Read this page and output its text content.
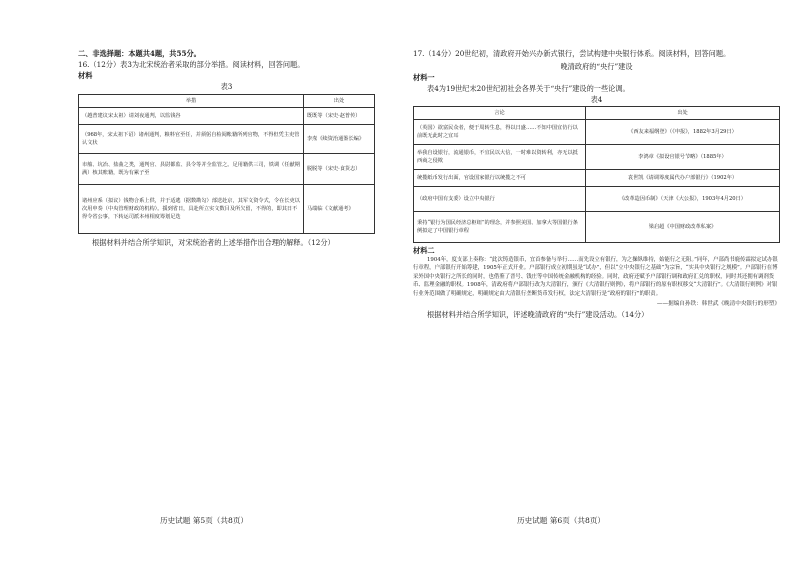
二、非选择题：本题共4题，共55分。

16.（12分）表3为北宋统治者采取的部分举措。阅读材料，回答问题。

材料

表3

举措	出处
（越普建议宋太祖）请刘夜通判，以监钱谷	既既等（宋史·赵普传）
（968年，宋太祖下诏）诸州通判，粮料官至任，并须躬自检阅帐籍所列官物，不得但凭主吏管认文状	李焘《续资治通鉴长编》
市舶、坑冶、盐曲之类，通判官、县尉都监、县令等并全监管之。足用籍供三司，铁调（任献期满）核其账籍，既为有累子至	脱脱等（宋史·食货志）
诸州应系（拟议）钱物合系上供，并于适逃（据数勘勾）部送赴京，其军文资令式，令在长吏以次用申奏（中央管理财政的机构）。援到省日，具赴所立实文数目及所欠留，不得的，即其日不得令省公事，下转运司派本州相度筹划足迭	马端临《文献通考》

根据材料并结合所学知识，对宋统治者的上述举措作出合理的解释。（12分）

历史试题 第5页（共8页）

17.（14分）20世纪初，清政府开始兴办新式银行，尝试构建中央银行体系。阅读材料，回答问题。

晚清政府的“央行”建设

材料一

表4为19世纪末20世纪初社会各界关于“央行”建设的一些论调。

表4

言论	出处
（英国）欲富民众者，便于周转生息，得以日盛……不知中国宜仿行以前既无此时之宜耳	《西友来福纲登》（《申报》，1882年3月29日）
举我自设银行，流通银币，不宜民以大信，一时难以资转利，亦无以抵西商之侵欺	李鸿章《拟设官银号节略》（1885年）
统揽纸币发行出面，官设国家银行以统揽之不可	袁世凯《请调筹度属代办户部银行》（1902年）
（政府中国有支委）设立中央银行	《改革造因币制》（天津《大公报》，1903年4月20日）
秉持“银行为国民经济总枢纽”的理念，并参照美国、加拿大等国银行条例拟定了中国银行章程	梁启超《中国财政改革私案》

材料二

1904年，度支部上奏称：“此次铸造银币，宜首参备与举行……而先设立有银行，为之操纵维持，始能行之无阻。”同年，户部尚书鹿传霖拟定试办银行章程，户部银行开始筹建，1905年正式开业。户部银行成立初期虽是“试办”，但以“立中央银行之基础”为宗旨，“实具中央银行之规模”。户部银行在博采外国中央银行之所长的同时，也借鉴了晋号、钱庄等中国传统金融机构的经验。同时，政府还赋予户部银行调和政府汇兑的职权，同时其还拥有调剂货币、监理金融的职权。1908年，清政府将户部银行改为大清银行，颁行《大清银行则例》，将户部银行的原有职权移交“大清银行”。《大清银行则例》对银行业务范围做了明确规定，明确规定由大清银行垄断货币发行权，法定大清银行是“政府的银行”的职责。

——据编自孙铁：韩世武《晚清中央银行的形塑》

根据材料并结合所学知识，评述晚清政府的“央行”建设活动。（14分）

历史试题 第6页（共8页）
